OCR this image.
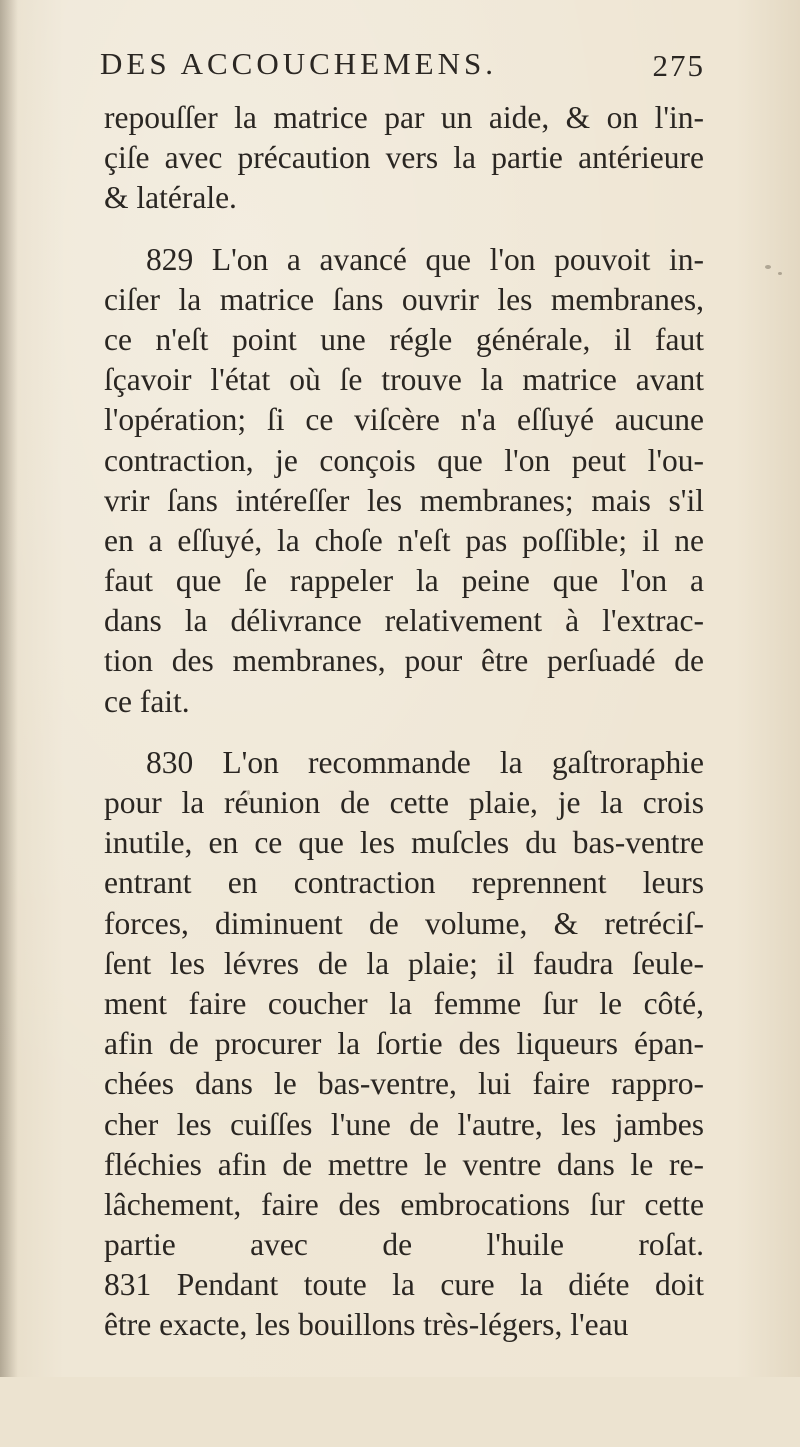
DES ACCOUCHEMENS.	275
repouſſer la matrice par un aide, & on l'in-
çiſe avec précaution vers la partie antérieure
& latérale.
829 L'on a avancé que l'on pouvoit in-
ciſer la matrice ſans ouvrir les membranes,
ce n'eſt point une régle générale, il faut
ſçavoir l'état où ſe trouve la matrice avant
l'opération; ſi ce viſcère n'a eſſuyé aucune
contraction, je conçois que l'on peut l'ou-
vrir ſans intéreſſer les membranes; mais s'il
en a eſſuyé, la choſe n'eſt pas poſſible; il ne
faut que ſe rappeler la peine que l'on a
dans la délivrance relativement à l'extrac-
tion des membranes, pour être perſuadé de
ce fait.
830 L'on recommande la gaſtroraphie
pour la réunion de cette plaie, je la crois
inutile, en ce que les muſcles du bas-ventre
entrant en contraction reprennent leurs
forces, diminuent de volume, & retréciſ-
ſent les lévres de la plaie; il faudra ſeule-
ment faire coucher la femme ſur le côté,
afin de procurer la ſortie des liqueurs épan-
chées dans le bas-ventre, lui faire rappro-
cher les cuiſſes l'une de l'autre, les jambes
fléchies afin de mettre le ventre dans le re-
lâchement, faire des embrocations ſur cette
partie avec de l'huile roſat.
831 Pendant toute la cure la diéte doit
être exacte, les bouillons très-légers, l'eau
